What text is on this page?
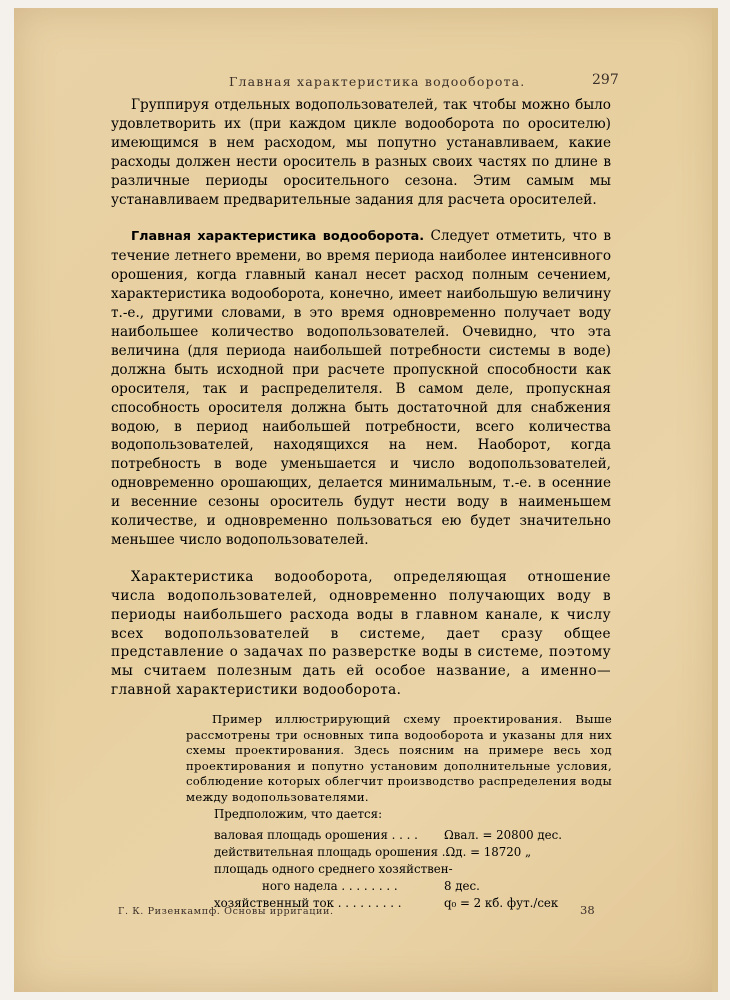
Главная характеристика водооборота.	297

Группируя отдельных водопользователей, так чтобы можно было удовлетворить их (при каждом цикле водооборота по оросителю) имеющимся в нем расходом, мы попутно устанавливаем, какие расходы должен нести ороситель в разных своих частях по длине в различные периоды оросительного сезона. Этим самым мы устанавливаем предварительные задания для расчета оросителей.

Главная характеристика водооборота. Следует отметить, что в течение летнего времени, во время периода наиболее интенсивного орошения, когда главный канал несет расход полным сечением, характеристика водооборота, конечно, имеет наибольшую величину т.-е., другими словами, в это время одновременно получает воду наибольшее количество водопользователей. Очевидно, что эта величина (для периода наибольшей потребности системы в воде) должна быть исходной при расчете пропускной способности как оросителя, так и распределителя. В самом деле, пропускная способность оросителя должна быть достаточной для снабжения водою, в период наибольшей потребности, всего количества водопользователей, находящихся на нем. Наоборот, когда потребность в воде уменьшается и число водопользователей, одновременно орошающих, делается минимальным, т.-е. в осенние и весенние сезоны ороситель будут нести воду в наименьшем количестве, и одновременно пользоваться ею будет значительно меньшее число водопользователей.

Характеристика водооборота, определяющая отношение числа водопользователей, одновременно получающих воду в периоды наибольшего расхода воды в главном канале, к числу всех водопользователей в системе, дает сразу общее представление о задачах по разверстке воды в системе, поэтому мы считаем полезным дать ей особое название, а именно—главной характеристики водооборота.

Пример иллюстрирующий схему проектирования. Выше рассмотрены три основных типа водооборота и указаны для них схемы проектирования. Здесь поясним на примере весь ход проектирования и попутно установим дополнительные условия, соблюдение которых облегчит производство распределения воды между водопользователями.

Предположим, что дается:

валовая площадь орошения . . . . Ωвал. = 20800 дес.
действительная площадь орошения . Ωд. = 18720 „
площадь одного среднего хозяйствен-
ного надела . . . . . . . .	8 дес.
хозяйственный ток . . . . . . . . .	q₀ = 2 кб. фут./сек
Г. К. Ризенкампф. Основы ирригации.	38
